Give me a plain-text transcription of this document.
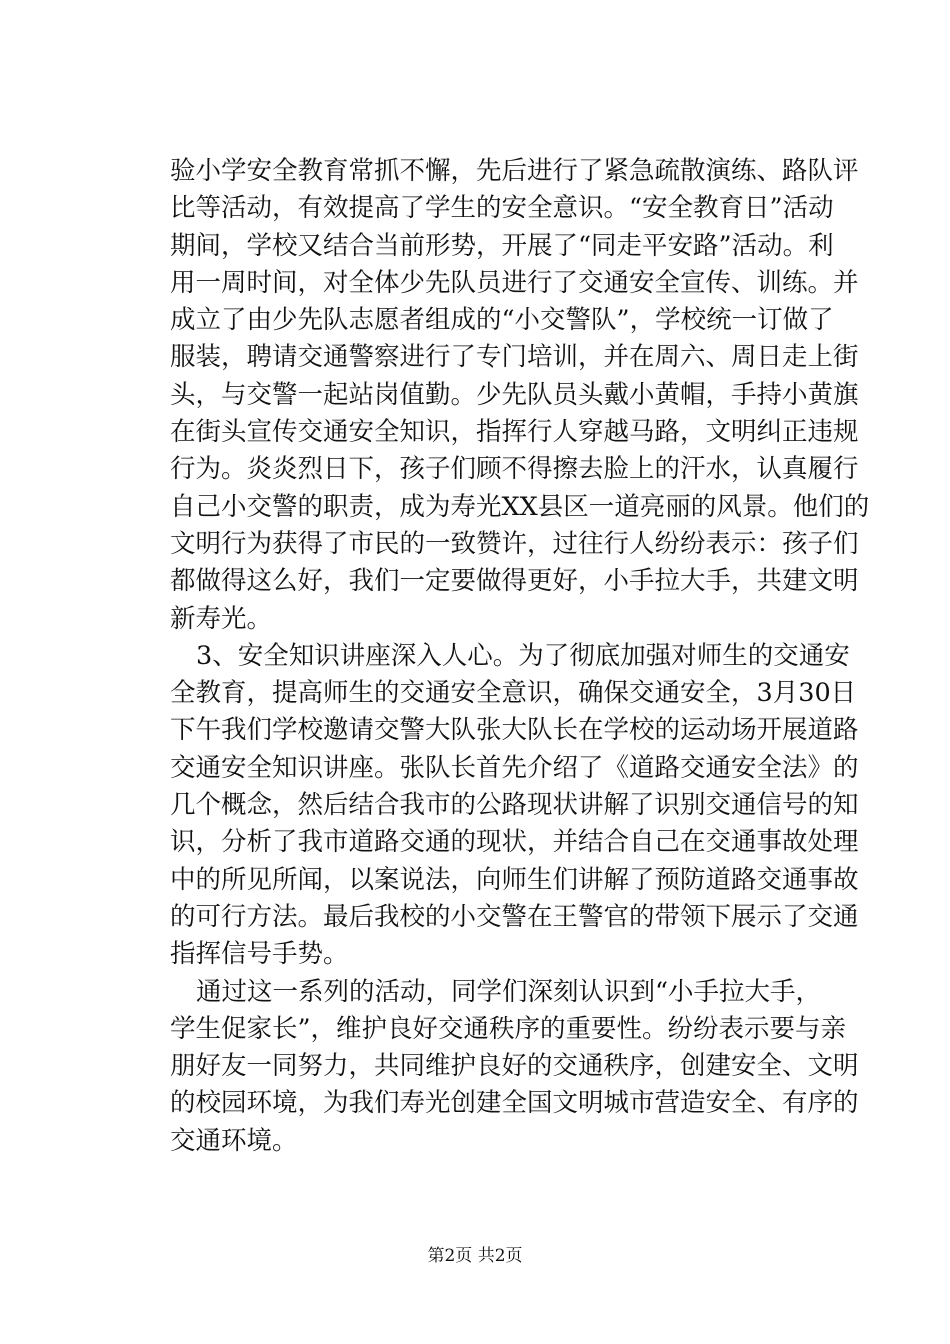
验小学安全教育常抓不懈，先后进行了紧急疏散演练、路队评
比等活动，有效提高了学生的安全意识。“安全教育日”活动
期间，学校又结合当前形势，开展了“同走平安路”活动。利
用一周时间，对全体少先队员进行了交通安全宣传、训练。并
成立了由少先队志愿者组成的“小交警队”，学校统一订做了
服装，聘请交通警察进行了专门培训，并在周六、周日走上街
头，与交警一起站岗值勤。少先队员头戴小黄帽，手持小黄旗
在街头宣传交通安全知识，指挥行人穿越马路，文明纠正违规
行为。炎炎烈日下，孩子们顾不得擦去脸上的汗水，认真履行
自己小交警的职责，成为寿光XX县区一道亮丽的风景。他们的
文明行为获得了市民的一致赞许，过往行人纷纷表示：孩子们
都做得这么好，我们一定要做得更好，小手拉大手，共建文明
新寿光。
3、安全知识讲座深入人心。为了彻底加强对师生的交通安
全教育，提高师生的交通安全意识，确保交通安全，3月30日
下午我们学校邀请交警大队张大队长在学校的运动场开展道路
交通安全知识讲座。张队长首先介绍了《道路交通安全法》的
几个概念，然后结合我市的公路现状讲解了识别交通信号的知
识，分析了我市道路交通的现状，并结合自己在交通事故处理
中的所见所闻，以案说法，向师生们讲解了预防道路交通事故
的可行方法。最后我校的小交警在王警官的带领下展示了交通
指挥信号手势。
通过这一系列的活动，同学们深刻认识到“小手拉大手，
学生促家长”，维护良好交通秩序的重要性。纷纷表示要与亲
朋好友一同努力，共同维护良好的交通秩序，创建安全、文明
的校园环境，为我们寿光创建全国文明城市营造安全、有序的
交通环境。
第2页 共2页
